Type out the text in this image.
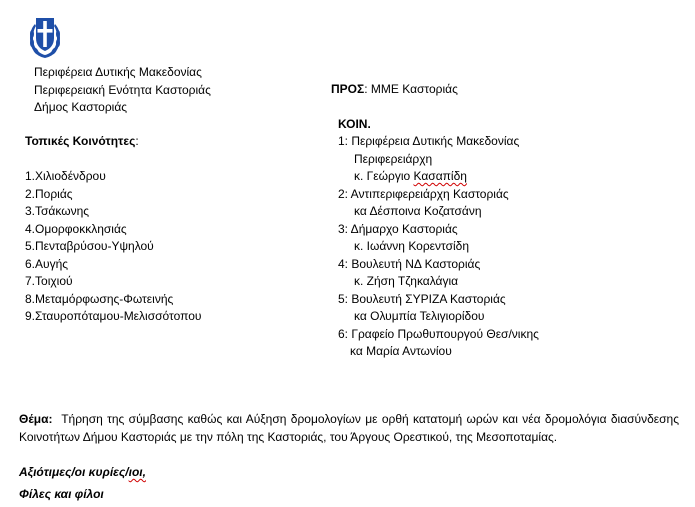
Περιφέρεια Δυτικής Μακεδονίας
Περιφερειακή Ενότητα Καστοριάς
Δήμος Καστοριάς
ΠΡΟΣ: ΜΜΕ Καστοριάς
Τοπικές Κοινότητες:
1.Χιλιοδένδρου
2.Ποριάς
3.Τσάκωνης
4.Ομορφοκκλησιάς
5.Πενταβρύσου-Υψηλού
6.Αυγής
7.Τοιχιού
8.Μεταμόρφωσης-Φωτεινής
9.Σταυροπόταμου-Μελισσότοπου
ΚΟΙΝ.
1: Περιφέρεια Δυτικής Μακεδονίας
Περιφερειάρχη
κ. Γεώργιο Κασαπίδη
2: Αντιπεριφερειάρχη Καστοριάς
κα Δέσποινα Κοζατσάνη
3: Δήμαρχο Καστοριάς
κ. Ιωάννη Κορεντσίδη
4: Βουλευτή ΝΔ Καστοριάς
κ. Ζήση Τζηκαλάγια
5: Βουλευτή ΣΥΡΙΖΑ Καστοριάς
κα Ολυμπία Τελιγιορίδου
6: Γραφείο Πρωθυπουργού Θεσ/νικης
κα Μαρία Αντωνίου
Θέμα: Τήρηση της σύμβασης καθώς και Αύξηση δρομολογίων με ορθή κατατομή ωρών και νέα δρομολόγια διασύνδεσης Κοινοτήτων Δήμου Καστοριάς με την πόλη της Καστοριάς, του Άργους Ορεστικού, της Μεσοποταμίας.
Αξιότιμες/οι κυρίες/ιοι,
Φίλες και φίλοι
